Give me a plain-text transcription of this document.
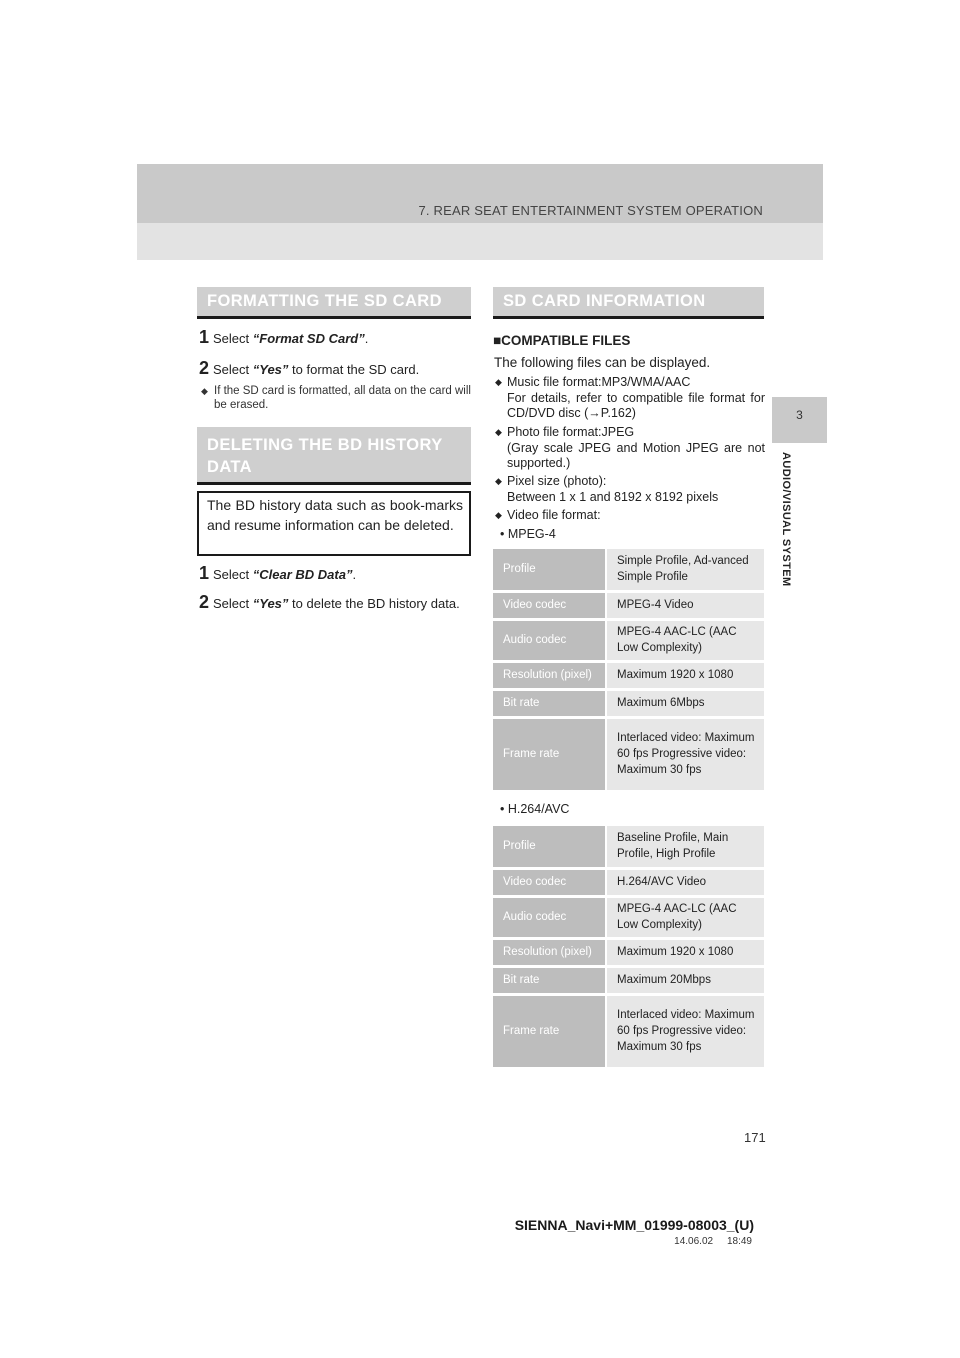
7. REAR SEAT ENTERTAINMENT SYSTEM OPERATION
3
AUDIO/VISUAL SYSTEM
FORMATTING THE SD CARD
1 Select “Format SD Card”.
2 Select “Yes” to format the SD card.
◆ If the SD card is formatted, all data on the card will be erased.
DELETING THE BD HISTORY DATA
The BD history data such as book-marks and resume information can be deleted.
1 Select “Clear BD Data”.
2 Select “Yes” to delete the BD history data.
SD CARD INFORMATION
■COMPATIBLE FILES
The following files can be displayed.
◆ Music file format:MP3/WMA/AAC
For details, refer to compatible file format for CD/DVD disc (→P.162)
◆ Photo file format:JPEG
(Gray scale JPEG and Motion JPEG are not supported.)
◆ Pixel size (photo):
Between 1 x 1 and 8192 x 8192 pixels
◆ Video file format:
• MPEG-4
Profile	Simple Profile, Ad-vanced Simple Profile
Video codec	MPEG-4 Video
Audio codec	MPEG-4 AAC-LC (AAC Low Complexity)
Resolution (pixel)	Maximum 1920 x 1080
Bit rate	Maximum 6Mbps
Frame rate	Interlaced video: Maximum 60 fps Progressive video: Maximum 30 fps
• H.264/AVC
Profile	Baseline Profile, Main Profile, High Profile
Video codec	H.264/AVC Video
Audio codec	MPEG-4 AAC-LC (AAC Low Complexity)
Resolution (pixel)	Maximum 1920 x 1080
Bit rate	Maximum 20Mbps
Frame rate	Interlaced video: Maximum 60 fps Progressive video: Maximum 30 fps
171
SIENNA_Navi+MM_01999-08003_(U)
14.06.02     18:49
